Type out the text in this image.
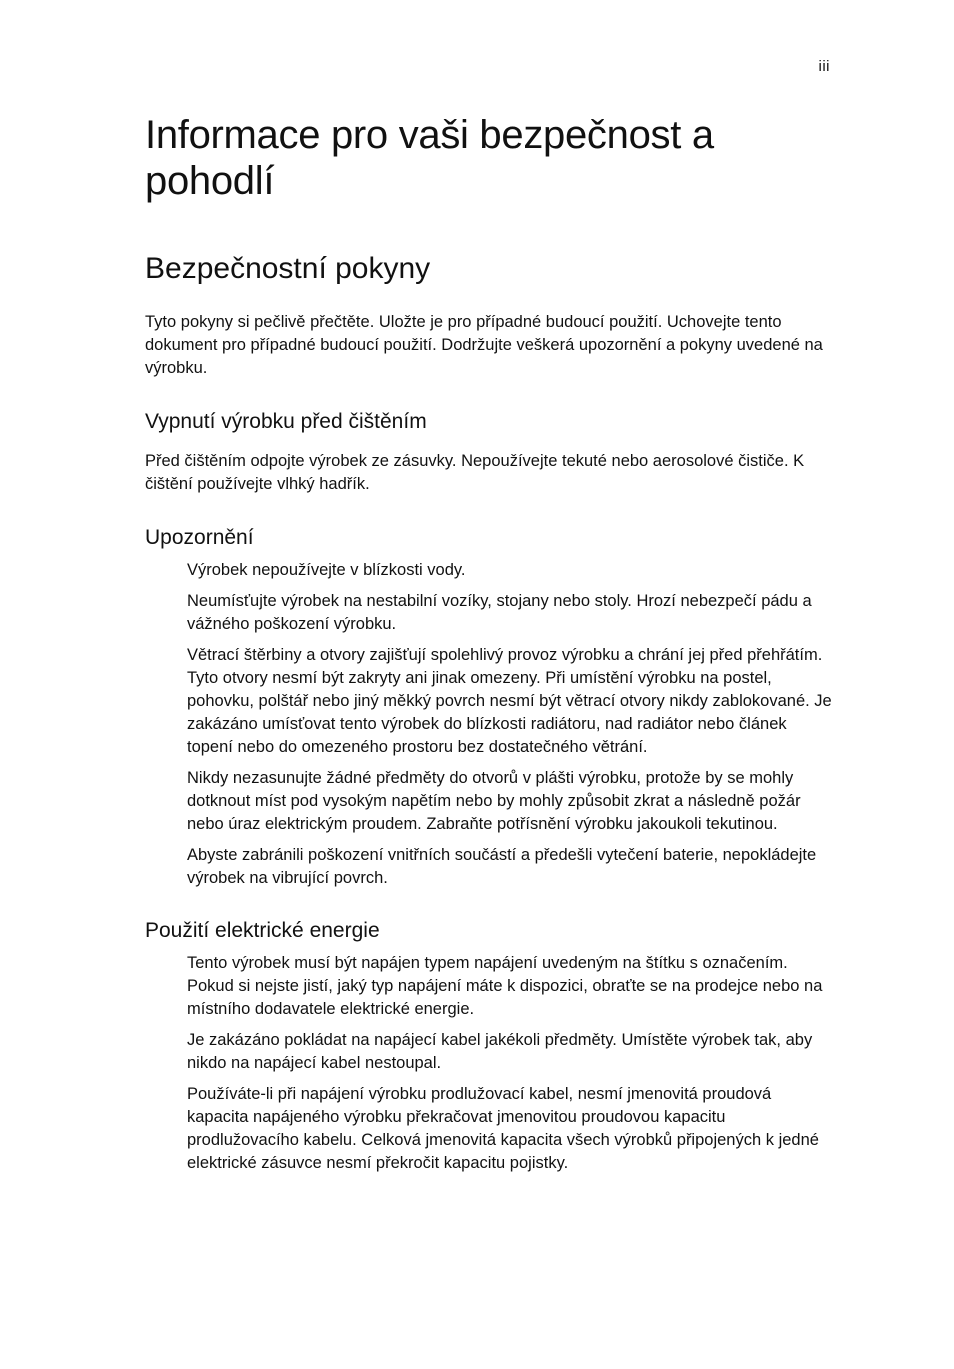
iii
Informace pro vaši bezpečnost a pohodlí
Bezpečnostní pokyny

Tyto pokyny si pečlivě přečtěte. Uložte je pro případné budoucí použití. Uchovejte tento dokument pro případné budoucí použití. Dodržujte veškerá upozornění a pokyny uvedené na výrobku.

Vypnutí výrobku před čištěním

Před čištěním odpojte výrobek ze zásuvky. Nepoužívejte tekuté nebo aerosolové čističe. K čištění používejte vlhký hadřík.

Upozornění

Výrobek nepoužívejte v blízkosti vody.

Neumísťujte výrobek na nestabilní vozíky, stojany nebo stoly. Hrozí nebezpečí pádu a vážného poškození výrobku.

Větrací štěrbiny a otvory zajišťují spolehlivý provoz výrobku a chrání jej před přehřátím. Tyto otvory nesmí být zakryty ani jinak omezeny. Při umístění výrobku na postel, pohovku, polštář nebo jiný měkký povrch nesmí být větrací otvory nikdy zablokované. Je zakázáno umísťovat tento výrobek do blízkosti radiátoru, nad radiátor nebo článek topení nebo do omezeného prostoru bez dostatečného větrání.

Nikdy nezasunujte žádné předměty do otvorů v plášti výrobku, protože by se mohly dotknout míst pod vysokým napětím nebo by mohly způsobit zkrat a následně požár nebo úraz elektrickým proudem. Zabraňte potřísnění výrobku jakoukoli tekutinou.

Abyste zabránili poškození vnitřních součástí a předešli vytečení baterie, nepokládejte výrobek na vibrující povrch.

Použití elektrické energie

Tento výrobek musí být napájen typem napájení uvedeným na štítku s označením. Pokud si nejste jistí, jaký typ napájení máte k dispozici, obraťte se na prodejce nebo na místního dodavatele elektrické energie.

Je zakázáno pokládat na napájecí kabel jakékoli předměty. Umístěte výrobek tak, aby nikdo na napájecí kabel nestoupal.

Používáte-li při napájení výrobku prodlužovací kabel, nesmí jmenovitá proudová kapacita napájeného výrobku překračovat jmenovitou proudovou kapacitu prodlužovacího kabelu. Celková jmenovitá kapacita všech výrobků připojených k jedné elektrické zásuvce nesmí překročit kapacitu pojistky.
